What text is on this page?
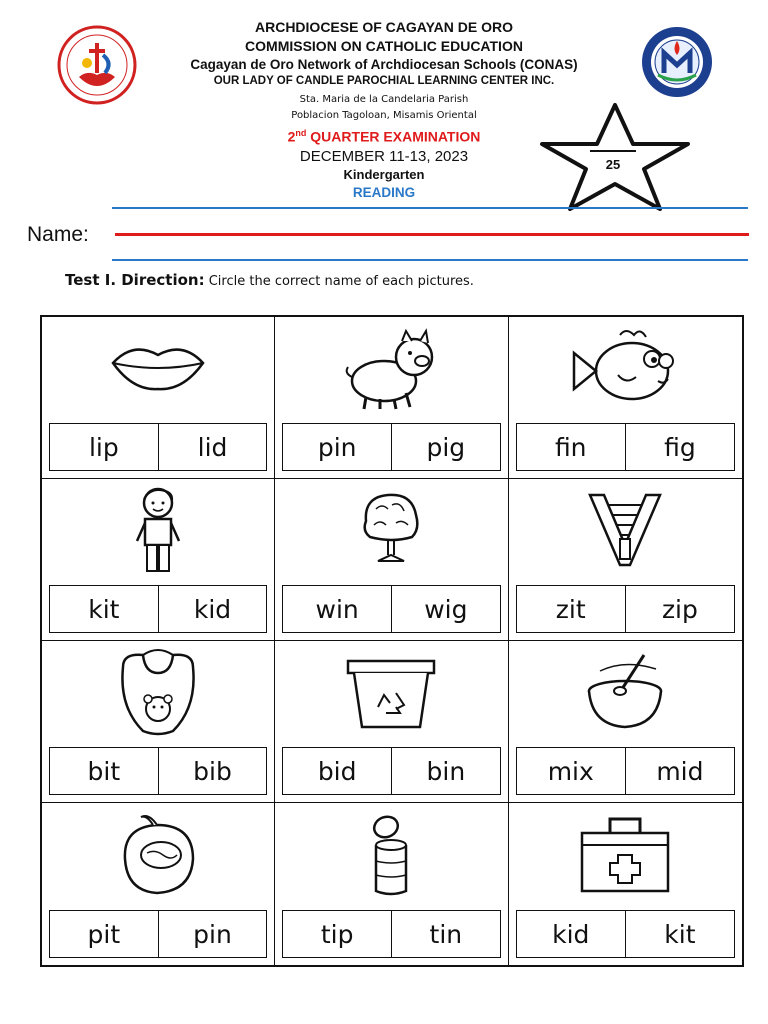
ARCHDIOCESE OF CAGAYAN DE ORO
COMMISSION ON CATHOLIC EDUCATION
Cagayan de Oro Network of Archdiocesan Schools (CONAS)
OUR LADY OF CANDLE PAROCHIAL LEARNING CENTER INC.
Sta. Maria de la Candelaria Parish
Poblacion Tagoloan, Misamis Oriental
2nd QUARTER EXAMINATION
DECEMBER 11-13, 2023
Kindergarten
READING
25
Name:
Test I. Direction: Circle the correct name of each pictures.
lip	lid	pin	pig	fin	fig
kit	kid	win	wig	zit	zip
bit	bib	bid	bin	mix	mid
pit	pin	tip	tin	kid	kit
